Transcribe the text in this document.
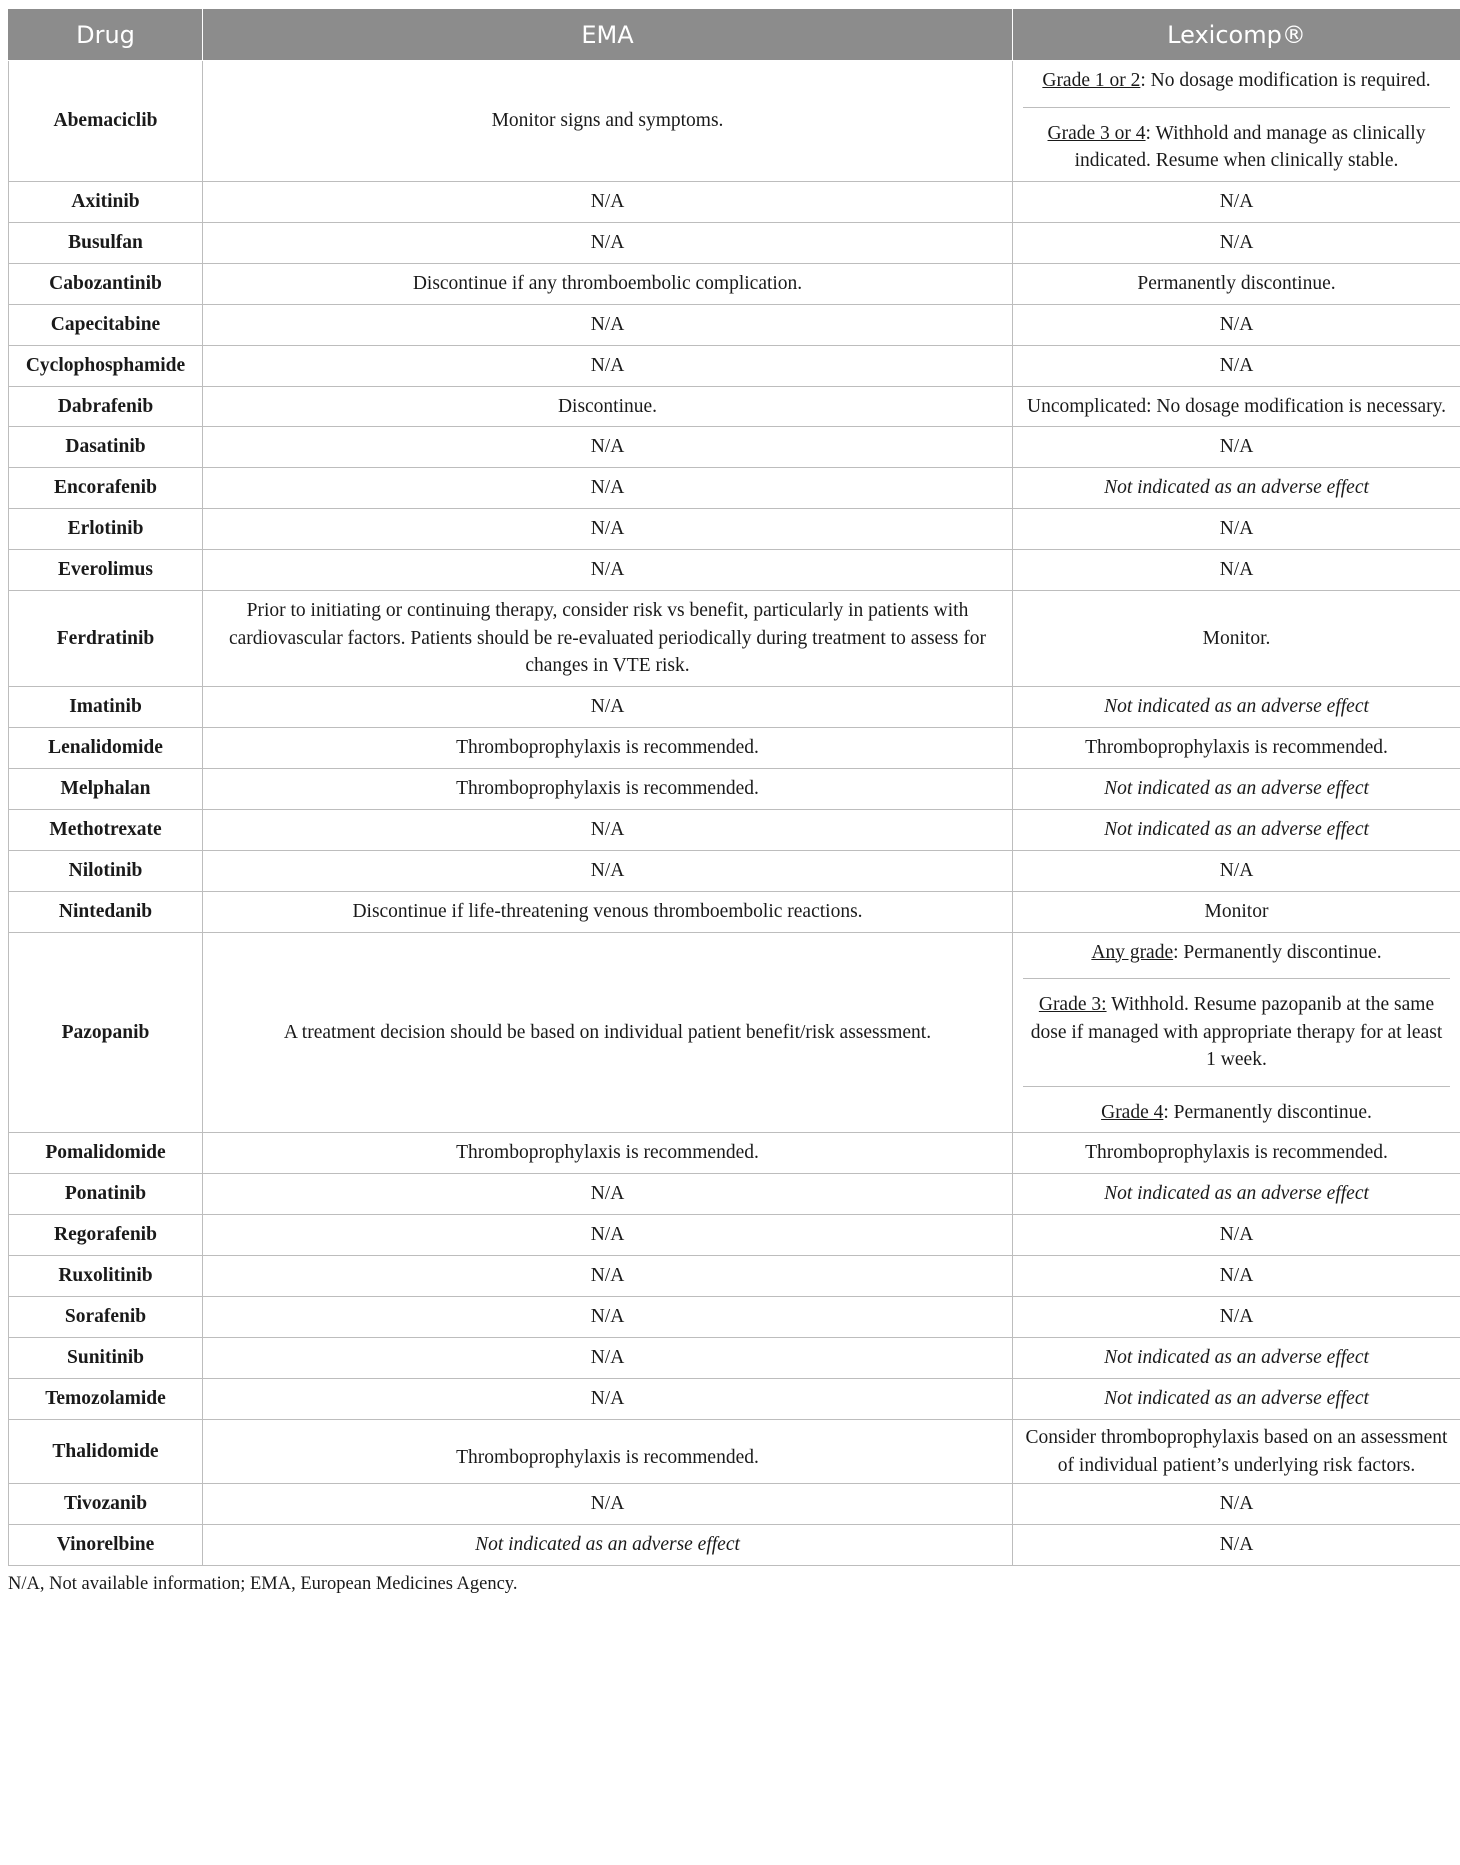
Drug	EMA	Lexicomp®
Abemaciclib	Monitor signs and symptoms.	Grade 1 or 2: No dosage modification is required.
Grade 3 or 4: Withhold and manage as clinically indicated. Resume when clinically stable.

Axitinib	N/A	N/A
Busulfan	N/A	N/A
Cabozantinib	Discontinue if any thromboembolic complication.	Permanently discontinue.
Capecitabine	N/A	N/A
Cyclophosphamide	N/A	N/A
Dabrafenib	Discontinue.	Uncomplicated: No dosage modification is necessary.
Dasatinib	N/A	N/A
Encorafenib	N/A	Not indicated as an adverse effect
Erlotinib	N/A	N/A
Everolimus	N/A	N/A
Ferdratinib	Prior to initiating or continuing therapy, consider risk vs benefit, particularly in patients with cardiovascular factors. Patients should be re-evaluated periodically during treatment to assess for changes in VTE risk.	Monitor.
Imatinib	N/A	Not indicated as an adverse effect
Lenalidomide	Thromboprophylaxis is recommended.	Thromboprophylaxis is recommended.
Melphalan	Thromboprophylaxis is recommended.	Not indicated as an adverse effect
Methotrexate	N/A	Not indicated as an adverse effect
Nilotinib	N/A	N/A
Nintedanib	Discontinue if life-threatening venous thromboembolic reactions.	Monitor
Pazopanib	A treatment decision should be based on individual patient benefit/risk assessment.	Any grade: Permanently discontinue.
Grade 3: Withhold. Resume pazopanib at the same dose if managed with appropriate therapy for at least 1 week.
Grade 4: Permanently discontinue.

Pomalidomide	Thromboprophylaxis is recommended.	Thromboprophylaxis is recommended.
Ponatinib	N/A	Not indicated as an adverse effect
Regorafenib	N/A	N/A
Ruxolitinib	N/A	N/A
Sorafenib	N/A	N/A
Sunitinib	N/A	Not indicated as an adverse effect
Temozolamide	N/A	Not indicated as an adverse effect
Thalidomide	Thromboprophylaxis is recommended.	Consider thromboprophylaxis based on an assessment of individual patient’s underlying risk factors.
Tivozanib	N/A	N/A
Vinorelbine	Not indicated as an adverse effect	N/A
N/A, Not available information; EMA, European Medicines Agency.
